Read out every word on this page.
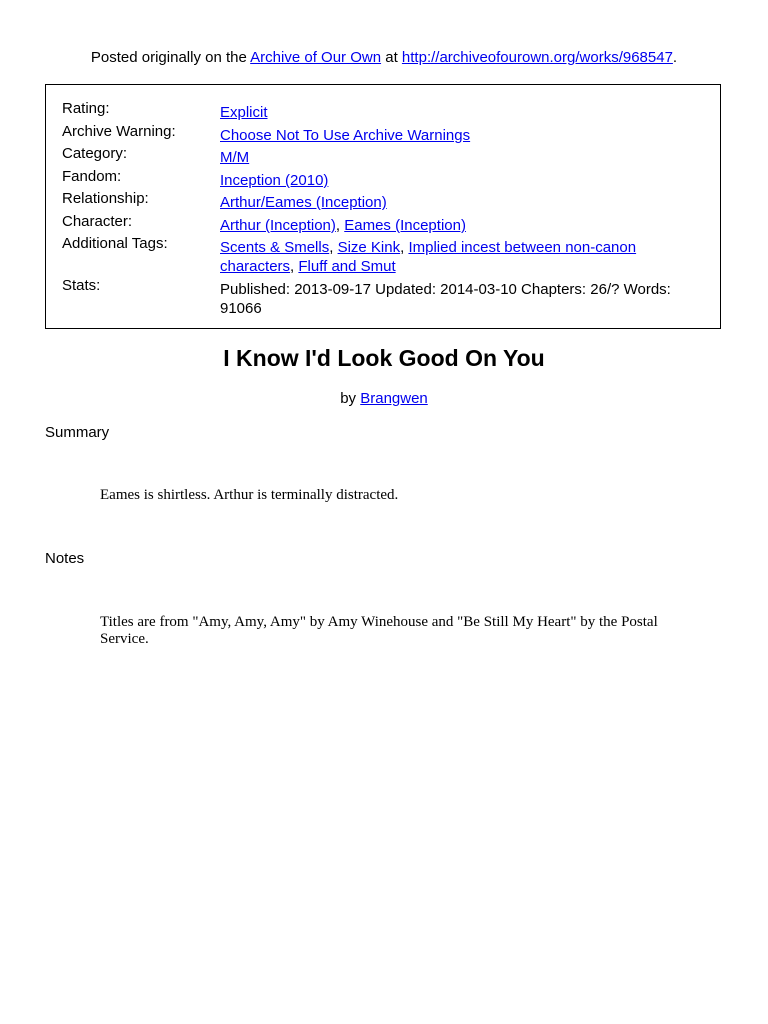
Posted originally on the Archive of Our Own at http://archiveofourown.org/works/968547.
Rating:	Explicit
Archive Warning:	Choose Not To Use Archive Warnings
Category:	M/M
Fandom:	Inception (2010)
Relationship:	Arthur/Eames (Inception)
Character:	Arthur (Inception), Eames (Inception)
Additional Tags:	Scents & Smells, Size Kink, Implied incest between non-canon characters, Fluff and Smut
Stats:	Published: 2013-09-17 Updated: 2014-03-10 Chapters: 26/? Words: 91066
I Know I'd Look Good On You
by Brangwen
Summary
Eames is shirtless. Arthur is terminally distracted.
Notes
Titles are from "Amy, Amy, Amy" by Amy Winehouse and "Be Still My Heart" by the Postal Service.
